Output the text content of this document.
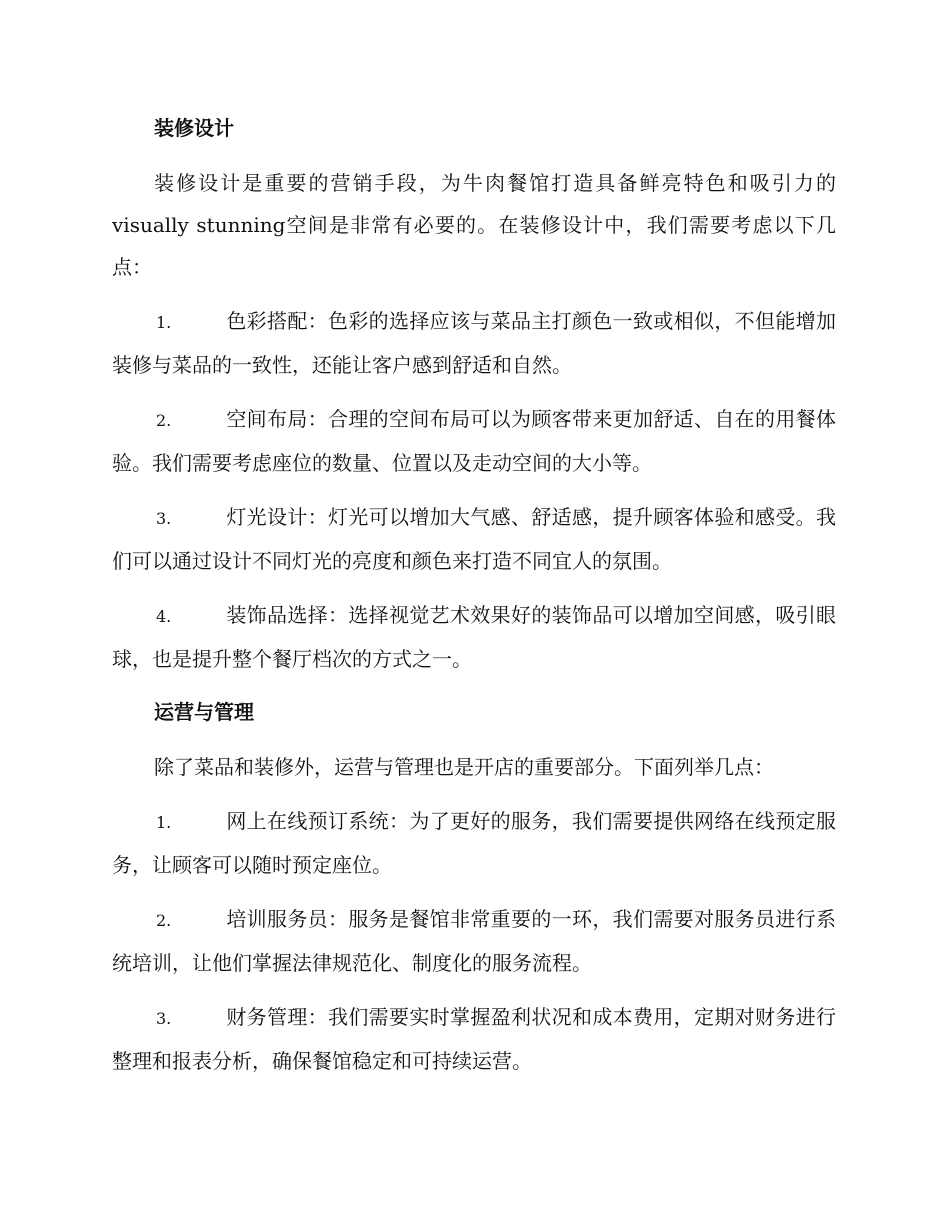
装修设计

装修设计是重要的营销手段，为牛肉餐馆打造具备鲜亮特色和吸引力的visually stunning空间是非常有必要的。在装修设计中，我们需要考虑以下几点：

1.	色彩搭配：色彩的选择应该与菜品主打颜色一致或相似，不但能增加装修与菜品的一致性，还能让客户感到舒适和自然。

2.	空间布局：合理的空间布局可以为顾客带来更加舒适、自在的用餐体验。我们需要考虑座位的数量、位置以及走动空间的大小等。

3.	灯光设计：灯光可以增加大气感、舒适感，提升顾客体验和感受。我们可以通过设计不同灯光的亮度和颜色来打造不同宜人的氛围。

4.	装饰品选择：选择视觉艺术效果好的装饰品可以增加空间感，吸引眼球，也是提升整个餐厅档次的方式之一。

运营与管理

除了菜品和装修外，运营与管理也是开店的重要部分。下面列举几点：

1.	网上在线预订系统：为了更好的服务，我们需要提供网络在线预定服务，让顾客可以随时预定座位。

2.	培训服务员：服务是餐馆非常重要的一环，我们需要对服务员进行系统培训，让他们掌握法律规范化、制度化的服务流程。

3.	财务管理：我们需要实时掌握盈利状况和成本费用，定期对财务进行整理和报表分析，确保餐馆稳定和可持续运营。
